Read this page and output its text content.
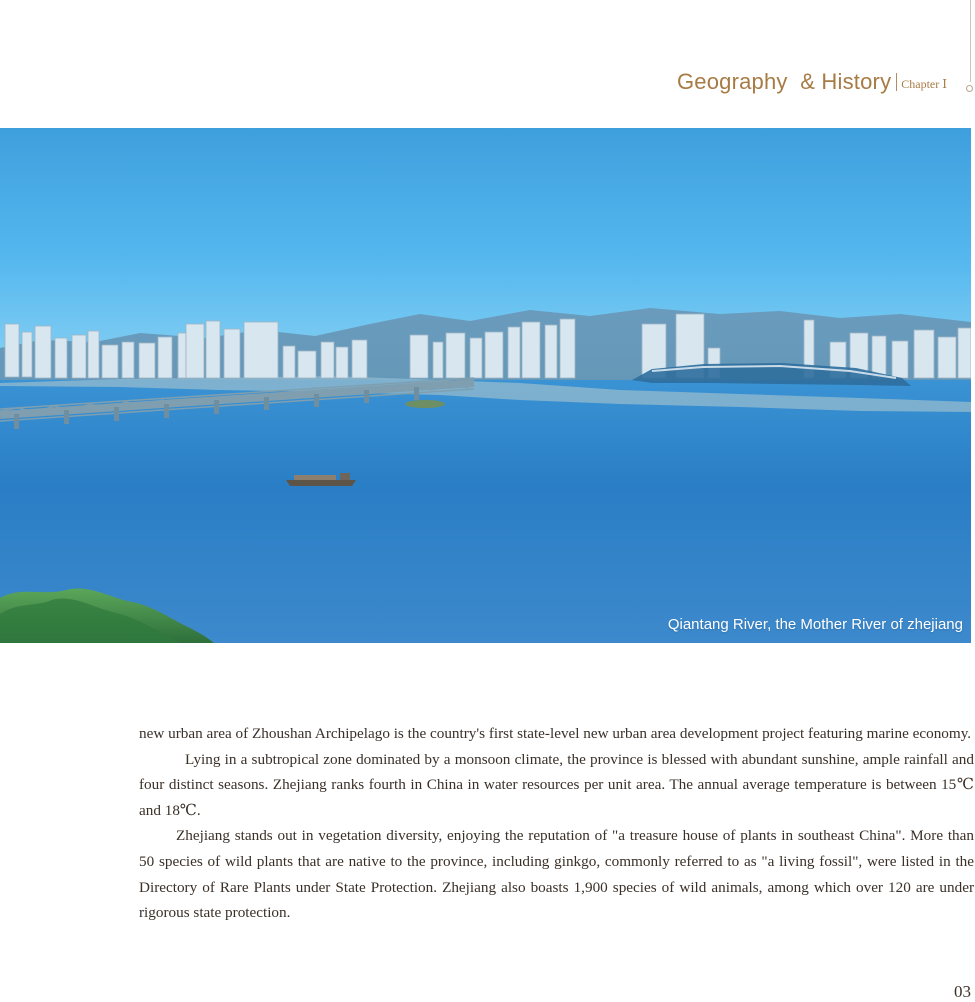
Geography  & History Chapter Ⅰ
Qiantang River, the Mother River of zhejiang

new urban area of Zhoushan Archipelago is the country's first state-level new urban area development project featuring marine economy.

Lying in a subtropical zone dominated by a monsoon climate, the province is blessed with abundant sunshine, ample rainfall and four distinct seasons. Zhejiang ranks fourth in China in water resources per unit area. The annual average temperature is between 15℃ and 18℃.

Zhejiang stands out in vegetation diversity, enjoying the reputation of "a treasure house of plants in southeast China". More than 50 species of wild plants that are native to the province, including ginkgo, commonly referred to as "a living fossil", were listed in the Directory of Rare Plants under State Protection. Zhejiang also boasts 1,900 species of wild animals, among which over 120 are under rigorous state protection.

03
